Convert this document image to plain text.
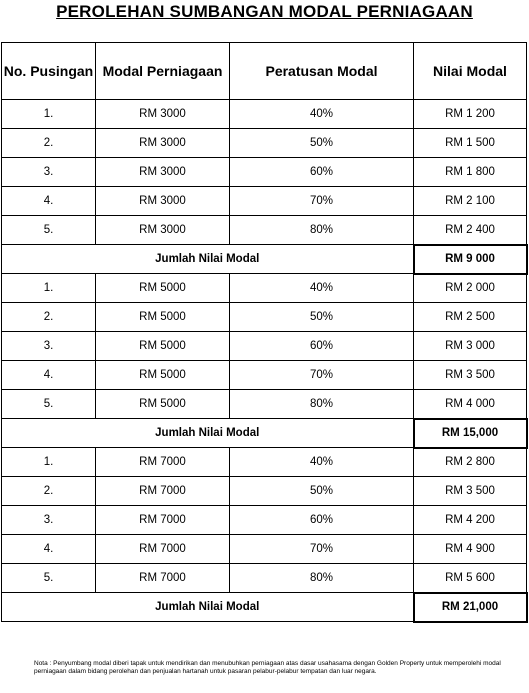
PEROLEHAN SUMBANGAN MODAL PERNIAGAAN
No. Pusingan	Modal Perniagaan	Peratusan Modal	Nilai Modal
1.	RM 3000	40%	RM 1 200
2.	RM 3000	50%	RM 1 500
3.	RM 3000	60%	RM 1 800
4.	RM 3000	70%	RM 2 100
5.	RM 3000	80%	RM 2 400
Jumlah Nilai Modal			RM 9 000
1.	RM 5000	40%	RM 2 000
2.	RM 5000	50%	RM 2 500
3.	RM 5000	60%	RM 3 000
4.	RM 5000	70%	RM 3 500
5.	RM 5000	80%	RM 4 000
Jumlah Nilai Modal			RM 15,000
1.	RM 7000	40%	RM 2 800
2.	RM 7000	50%	RM 3 500
3.	RM 7000	60%	RM 4 200
4.	RM 7000	70%	RM 4 900
5.	RM 7000	80%	RM 5 600
Jumlah Nilai Modal			RM 21,000
Nota : Penyumbang modal diberi tapak untuk mendirikan dan menubuhkan perniagaan atas dasar usahasama dengan Golden Property untuk memperolehi modal perniagaan dalam bidang perolehan dan penjualan hartanah untuk pasaran pelabur-pelabur tempatan dan luar negara.
